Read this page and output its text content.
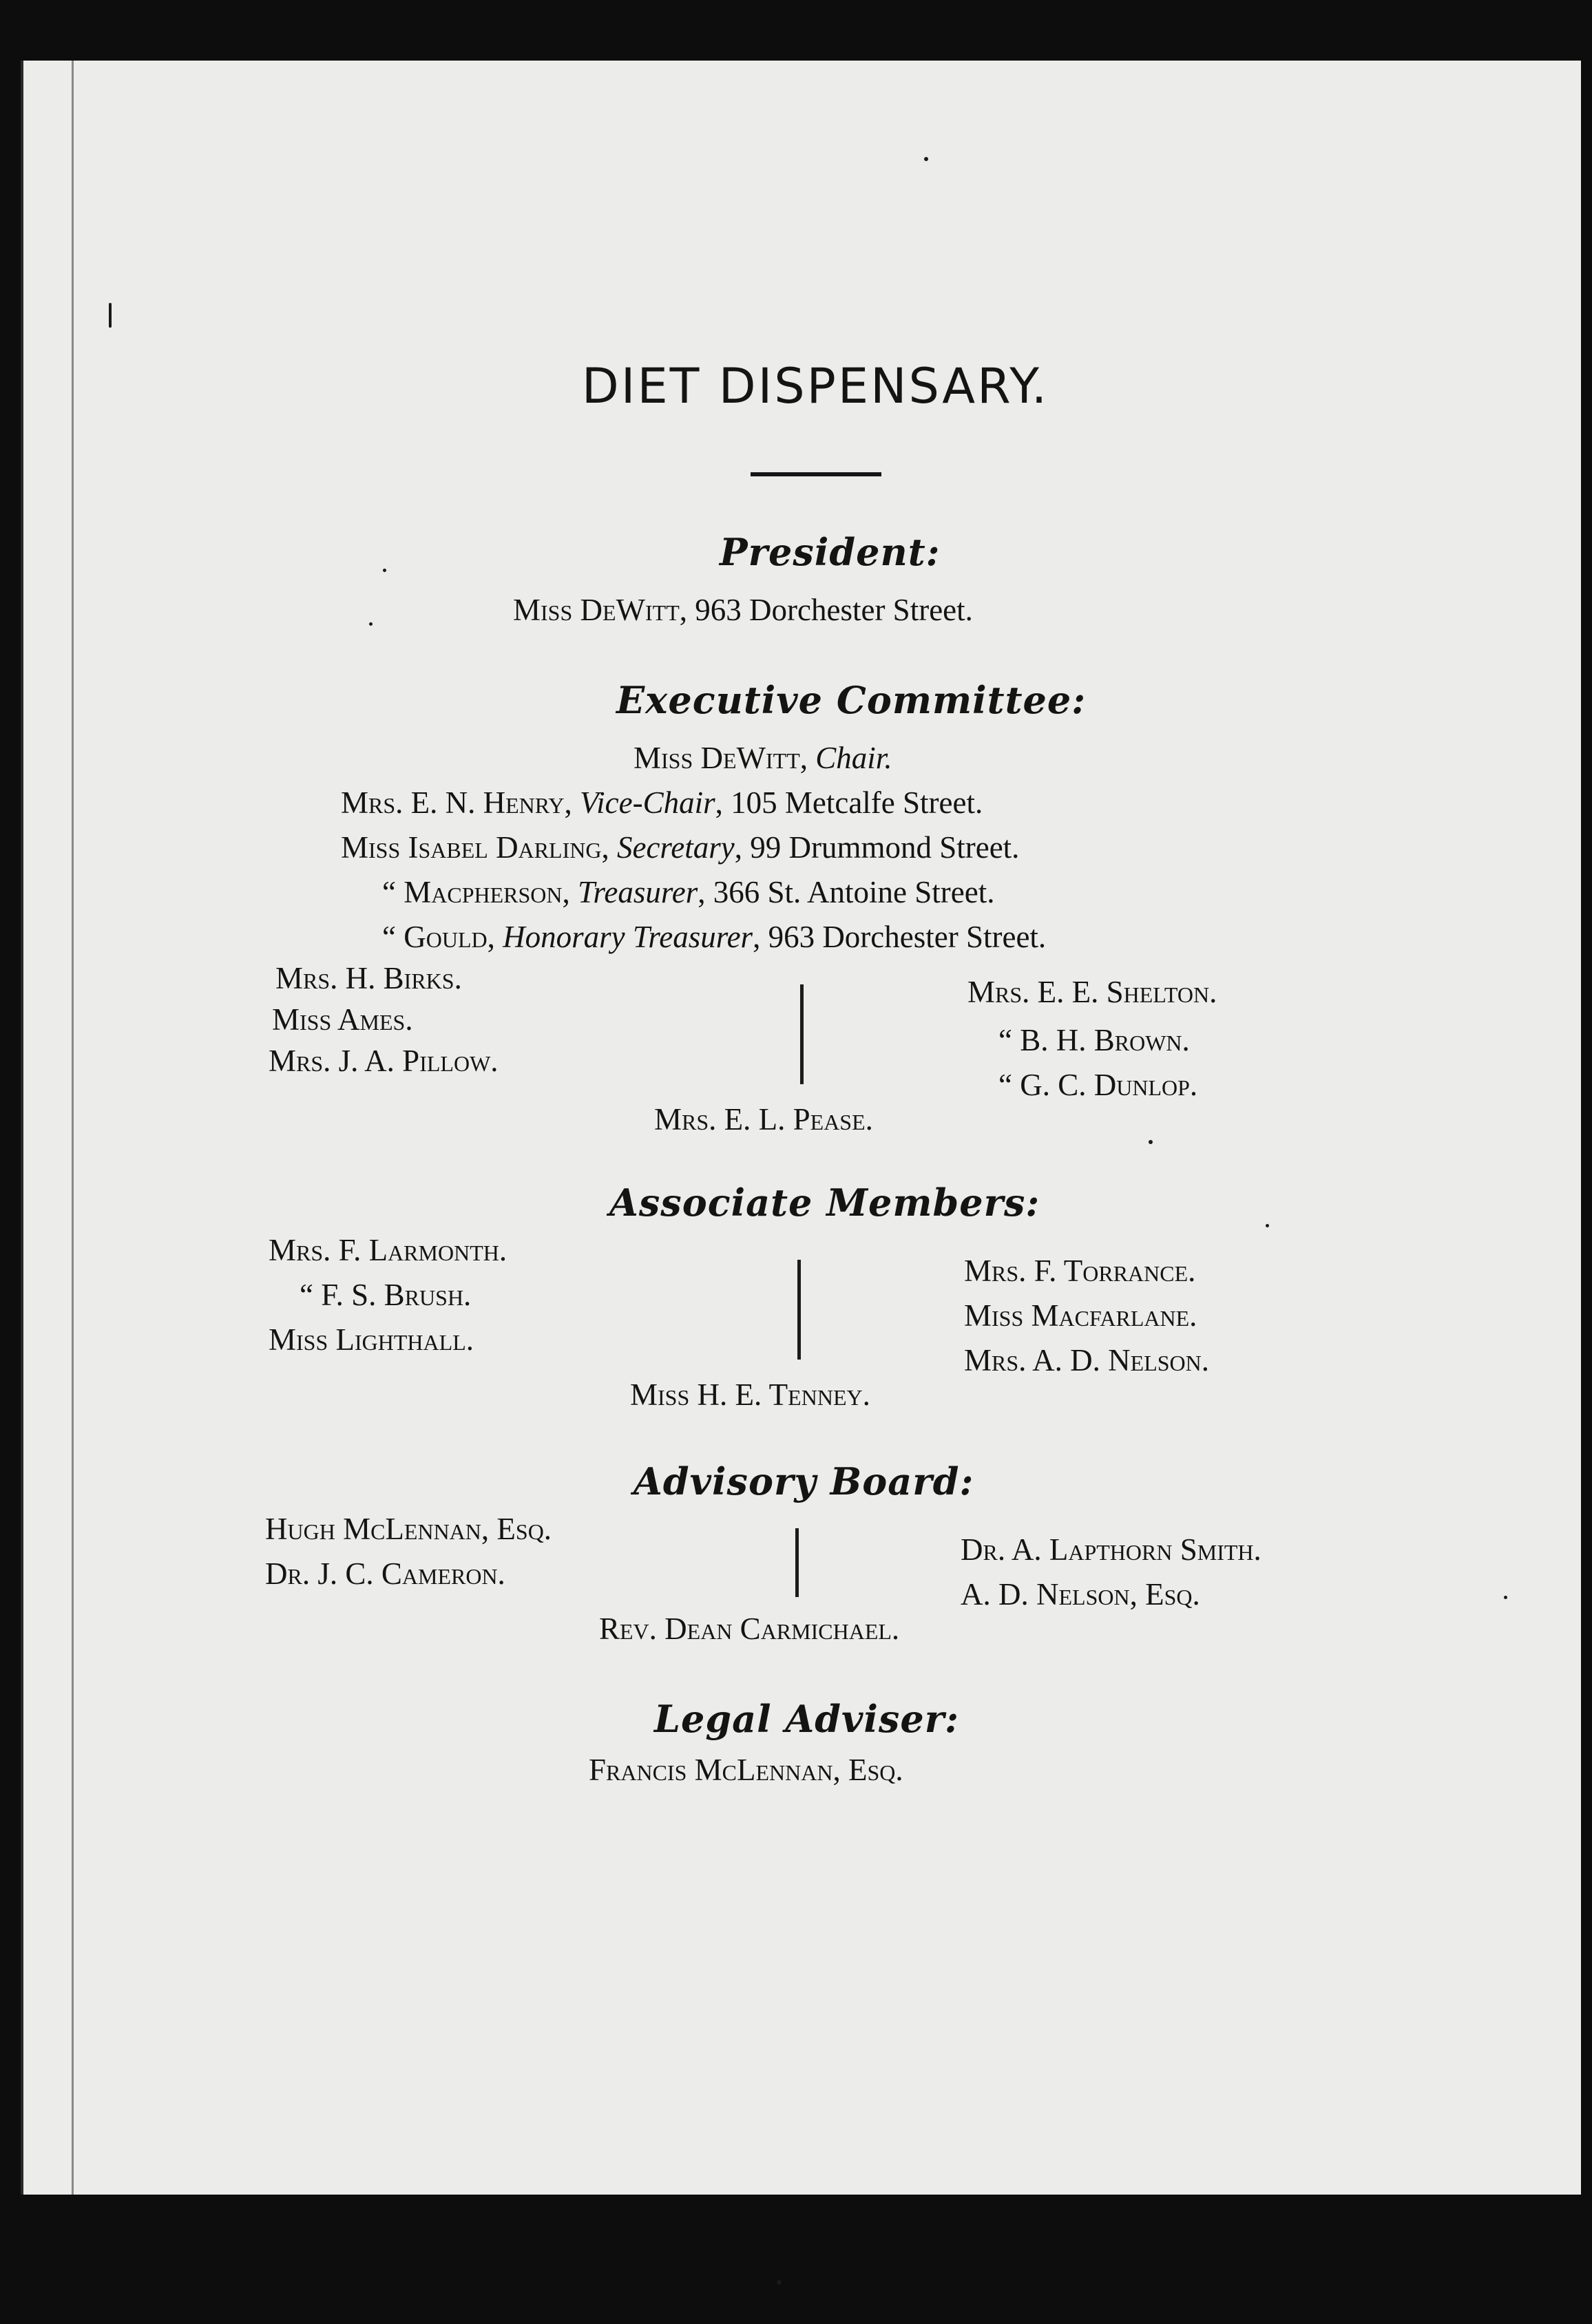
DIET DISPENSARY.
President:
Miss DeWitt, 963 Dorchester Street.
Executive Committee:
Miss DeWitt, Chair.
Mrs. E. N. Henry, Vice-Chair, 105 Metcalfe Street.
Miss Isabel Darling, Secretary, 99 Drummond Street.
“ Macpherson, Treasurer, 366 St. Antoine Street.
“ Gould, Honorary Treasurer, 963 Dorchester Street.
Mrs. H. Birks.
Miss Ames.
Mrs. J. A. Pillow.
Mrs. E. E. Shelton.
“ B. H. Brown.
“ G. C. Dunlop.
Mrs. E. L. Pease.
Associate Members:
Mrs. F. Larmonth.
“ F. S. Brush.
Miss Lighthall.
Mrs. F. Torrance.
Miss Macfarlane.
Mrs. A. D. Nelson.
Miss H. E. Tenney.
Advisory Board:
Hugh McLennan, Esq.
Dr. J. C. Cameron.
Dr. A. Lapthorn Smith.
A. D. Nelson, Esq.
Rev. Dean Carmichael.
Legal Adviser:
Francis McLennan, Esq.
